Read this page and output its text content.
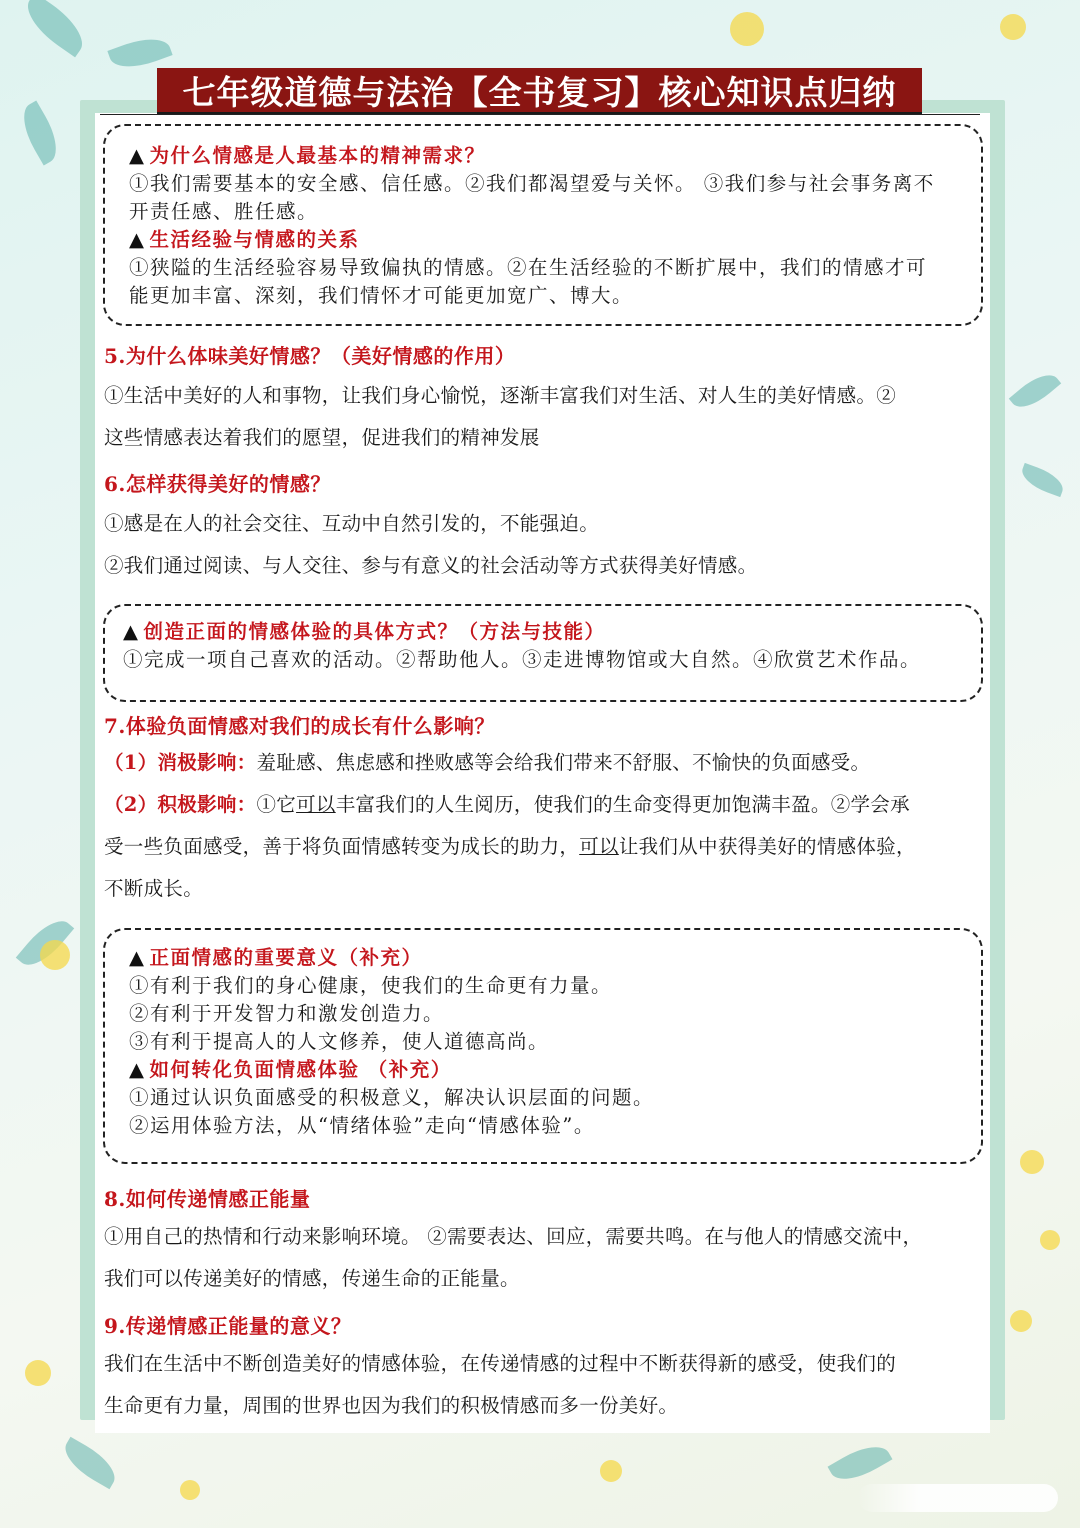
七年级道德与法治【全书复习】核心知识点归纳
▲ 为什么情感是人最基本的精神需求？
①我们需要基本的安全感、信任感。②我们都渴望爱与关怀。 ③我们参与社会事务离不
开责任感、胜任感。
▲ 生活经验与情感的关系
①狭隘的生活经验容易导致偏执的情感。②在生活经验的不断扩展中，我们的情感才可
能更加丰富、深刻，我们情怀才可能更加宽广、博大。
5.为什么体味美好情感？（美好情感的作用）
①生活中美好的人和事物，让我们身心愉悦，逐渐丰富我们对生活、对人生的美好情感。②
这些情感表达着我们的愿望，促进我们的精神发展
6.怎样获得美好的情感？
①感是在人的社会交往、互动中自然引发的，不能强迫。
②我们通过阅读、与人交往、参与有意义的社会活动等方式获得美好情感。
▲ 创造正面的情感体验的具体方式？（方法与技能）
①完成一项自己喜欢的活动。②帮助他人。③走进博物馆或大自然。④欣赏艺术作品。
7.体验负面情感对我们的成长有什么影响？
（1）消极影响：羞耻感、焦虑感和挫败感等会给我们带来不舒服、不愉快的负面感受。
（2）积极影响：①它可以丰富我们的人生阅历，使我们的生命变得更加饱满丰盈。②学会承
受一些负面感受，善于将负面情感转变为成长的助力，可以让我们从中获得美好的情感体验，
不断成长。
▲ 正面情感的重要意义（补充）
①有利于我们的身心健康，使我们的生命更有力量。
②有利于开发智力和激发创造力。
③有利于提高人的人文修养，使人道德高尚。
▲ 如何转化负面情感体验 （补充）
①通过认识负面感受的积极意义，解决认识层面的问题。
②运用体验方法，从“情绪体验”走向“情感体验”。
8.如何传递情感正能量
①用自己的热情和行动来影响环境。 ②需要表达、回应，需要共鸣。在与他人的情感交流中，
我们可以传递美好的情感，传递生命的正能量。
9.传递情感正能量的意义？
我们在生活中不断创造美好的情感体验，在传递情感的过程中不断获得新的感受，使我们的
生命更有力量，周围的世界也因为我们的积极情感而多一份美好。
